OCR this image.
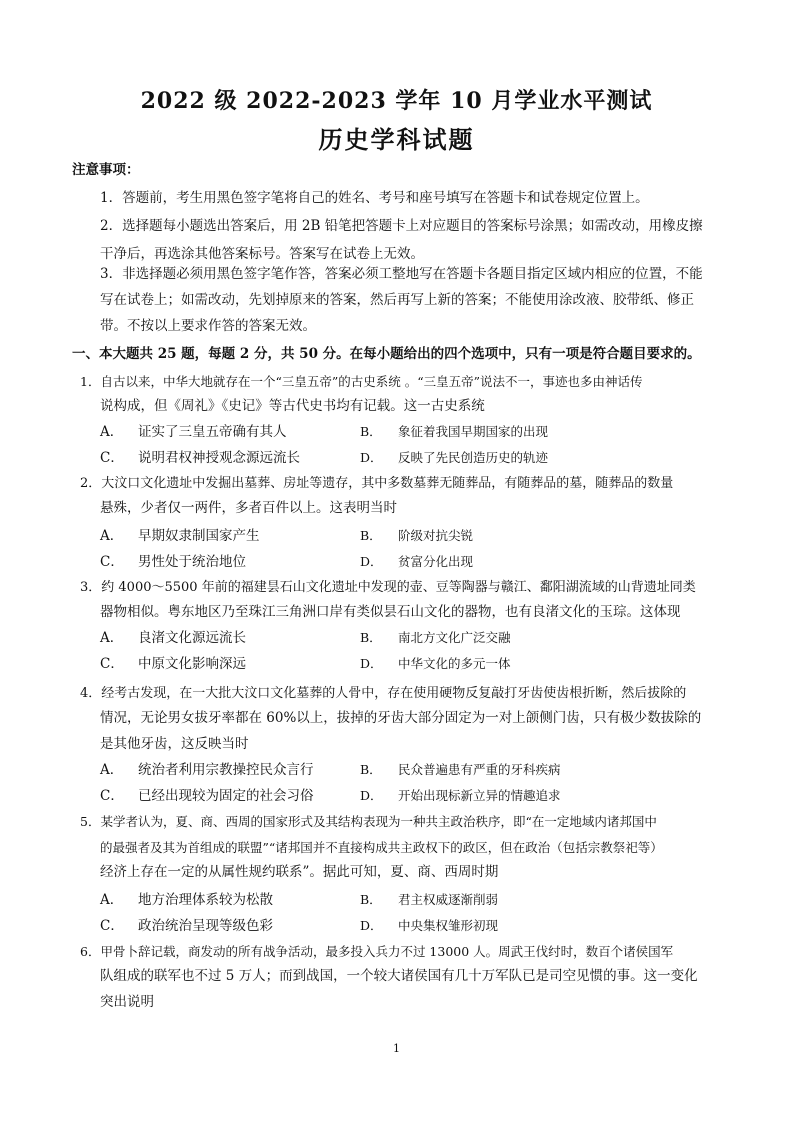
2022 级 2022-2023 学年 10 月学业水平测试
历史学科试题
注意事项：
1．答题前，考生用黑色签字笔将自己的姓名、考号和座号填写在答题卡和试卷规定位置上。
2．选择题每小题选出答案后，用 2B 铅笔把答题卡上对应题目的答案标号涂黑；如需改动，用橡皮擦
干净后，再选涂其他答案标号。答案写在试卷上无效。
3．非选择题必须用黑色签字笔作答，答案必须工整地写在答题卡各题目指定区域内相应的位置，不能
写在试卷上；如需改动，先划掉原来的答案，然后再写上新的答案；不能使用涂改液、胶带纸、修正
带。不按以上要求作答的答案无效。
一、本大题共 25 题，每题 2 分，共 50 分。在每小题给出的四个选项中，只有一项是符合题目要求的。
1．自古以来，中华大地就存在一个“三皇五帝”的古史系统 。“三皇五帝”说法不一，事迹也多由神话传
说构成，但《周礼》《史记》等古代史书均有记载。这一古史系统
A． 证实了三皇五帝确有其人	B． 象征着我国早期国家的出现
C． 说明君权神授观念源远流长	D． 反映了先民创造历史的轨迹
2．大汶口文化遗址中发掘出墓葬、房址等遗存，其中多数墓葬无随葬品，有随葬品的墓，随葬品的数量
悬殊，少者仅一两件，多者百件以上。这表明当时
A． 早期奴隶制国家产生	B． 阶级对抗尖锐
C． 男性处于统治地位	D． 贫富分化出现
3．约 4000～5500 年前的福建昙石山文化遗址中发现的壶、豆等陶器与赣江、鄱阳湖流域的山背遗址同类
器物相似。粤东地区乃至珠江三角洲口岸有类似昙石山文化的器物，也有良渚文化的玉琮。这体现
A． 良渚文化源远流长	B． 南北方文化广泛交融
C． 中原文化影响深远	D． 中华文化的多元一体
4．经考古发现，在一大批大汶口文化墓葬的人骨中，存在使用硬物反复敲打牙齿使齿根折断，然后拔除的
情况，无论男女拔牙率都在 60%以上，拔掉的牙齿大部分固定为一对上颌侧门齿，只有极少数拔除的
是其他牙齿，这反映当时
A． 统治者利用宗教操控民众言行	B． 民众普遍患有严重的牙科疾病
C． 已经出现较为固定的社会习俗	D． 开始出现标新立异的情趣追求
5．某学者认为，夏、商、西周的国家形式及其结构表现为一种共主政治秩序，即“在一定地域内诸邦国中
的最强者及其为首组成的联盟”“诸邦国并不直接构成共主政权下的政区，但在政治（包括宗教祭祀等）
经济上存在一定的从属性规约联系”。据此可知，夏、商、西周时期
A． 地方治理体系较为松散	B． 君主权威逐渐削弱
C． 政治统治呈现等级色彩	D． 中央集权雏形初现
6．甲骨卜辞记载，商发动的所有战争活动，最多投入兵力不过 13000 人。周武王伐纣时，数百个诸侯国军
队组成的联军也不过 5 万人；而到战国，一个较大诸侯国有几十万军队已是司空见惯的事。这一变化
突出说明
1
